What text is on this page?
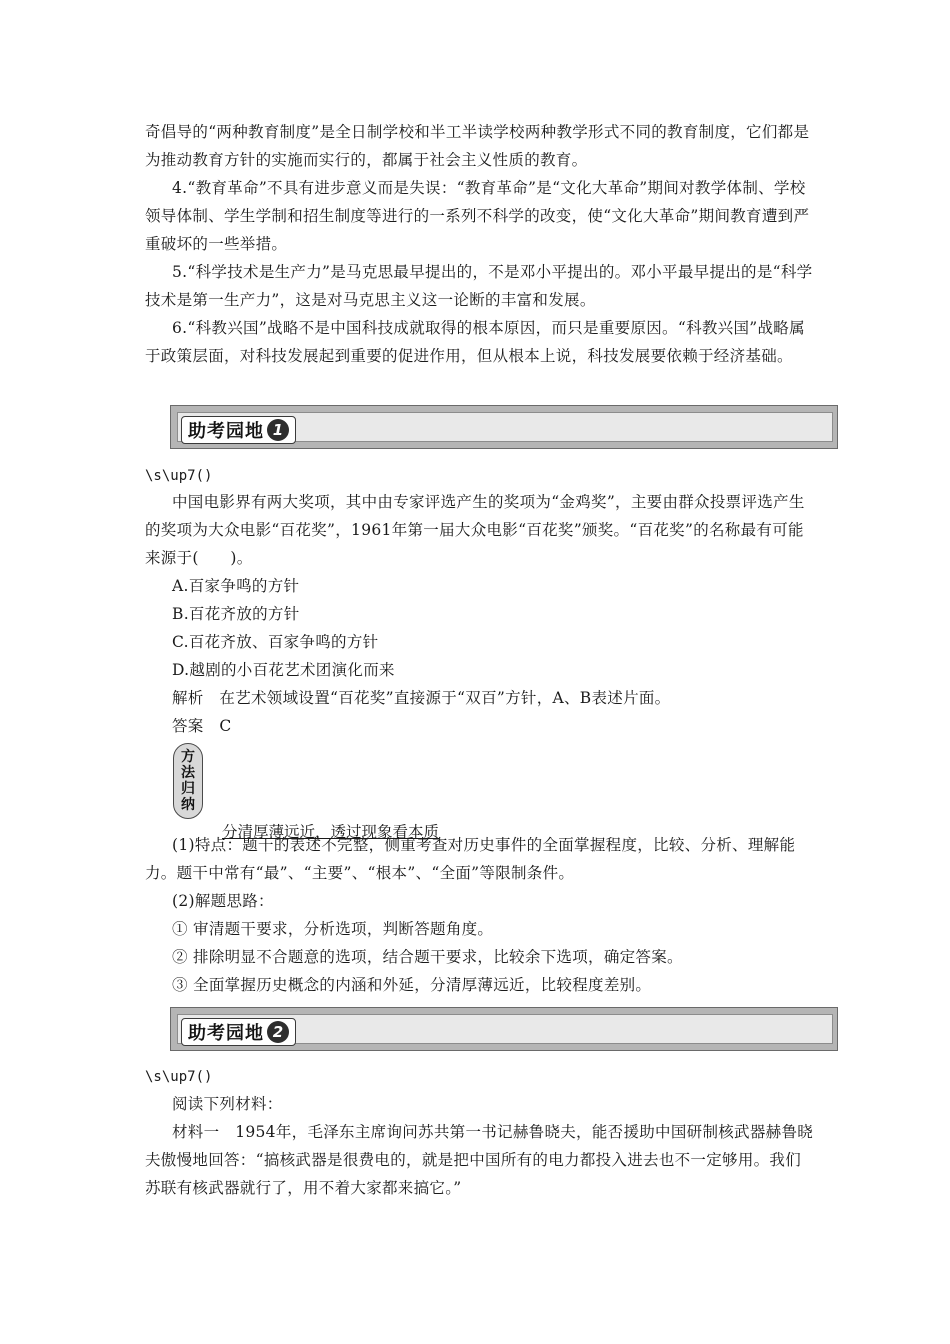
奇倡导的“两种教育制度”是全日制学校和半工半读学校两种教学形式不同的教育制度，它们都是为推动教育方针的实施而实行的，都属于社会主义性质的教育。

4.“教育革命”不具有进步意义而是失误：“教育革命”是“文化大革命”期间对教学体制、学校领导体制、学生学制和招生制度等进行的一系列不科学的改变，使“文化大革命”期间教育遭到严重破坏的一些举措。

5.“科学技术是生产力”是马克思最早提出的，不是邓小平提出的。邓小平最早提出的是“科学技术是第一生产力”，这是对马克思主义这一论断的丰富和发展。

6.“科教兴国”战略不是中国科技成就取得的根本原因，而只是重要原因。“科教兴国”战略属于政策层面，对科技发展起到重要的促进作用，但从根本上说，科技发展要依赖于经济基础。

助考园地 1

\s\up7()

中国电影界有两大奖项，其中由专家评选产生的奖项为“金鸡奖”，主要由群众投票评选产生的奖项为大众电影“百花奖”，1961年第一届大众电影“百花奖”颁奖。“百花奖”的名称最有可能来源于(　　)。

A.百家争鸣的方针

B.百花齐放的方针

C.百花齐放、百家争鸣的方针

D.越剧的小百花艺术团演化而来

解析　在艺术领域设置“百花奖”直接源于“双百”方针，A、B表述片面。

答案　C

方
法
归
纳

分清厚薄远近，透过现象看本质

(1)特点：题干的表述不完整，侧重考查对历史事件的全面掌握程度，比较、分析、理解能力。题干中常有“最”、“主要”、“根本”、“全面”等限制条件。

(2)解题思路：

① 审清题干要求，分析选项，判断答题角度。

② 排除明显不合题意的选项，结合题干要求，比较余下选项，确定答案。

③ 全面掌握历史概念的内涵和外延，分清厚薄远近，比较程度差别。

助考园地 2

\s\up7()

阅读下列材料：

材料一　1954年，毛泽东主席询问苏共第一书记赫鲁晓夫，能否援助中国研制核武器赫鲁晓夫傲慢地回答：“搞核武器是很费电的，就是把中国所有的电力都投入进去也不一定够用。我们苏联有核武器就行了，用不着大家都来搞它。”
